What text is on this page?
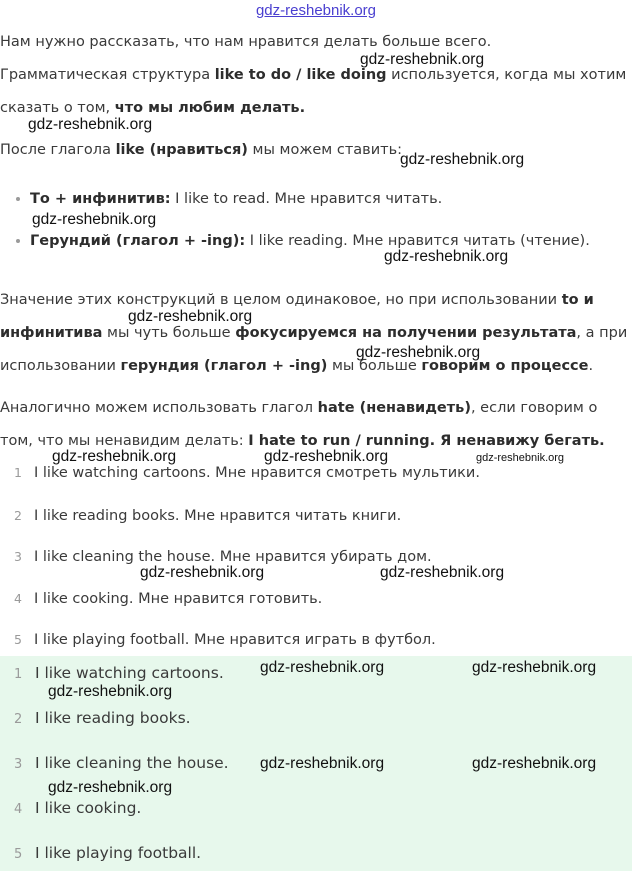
gdz-reshebnik.org

Нам нужно рассказать, что нам нравится делать больше всего.

Грамматическая структура like to do / like doing используется, когда мы хотим

сказать о том, что мы любим делать.

После глагола like (нравиться) мы можем ставить:

То + инфинитив: I like to read. Мне нравится читать.
Герундий (глагол + -ing): I like reading. Мне нравится читать (чтение).

Значение этих конструкций в целом одинаковое, но при использовании to и

инфинитива мы чуть больше фокусируемся на получении результата, а при

использовании герундия (глагол + -ing) мы больше говорим о процессе.

Аналогично можем использовать глагол hate (ненавидеть), если говорим о

том, что мы ненавидим делать: I hate to run / running. Я ненавижу бегать.

1 I like watching cartoons. Мне нравится смотреть мультики.
2 I like reading books. Мне нравится читать книги.
3 I like cleaning the house. Мне нравится убирать дом.
4 I like cooking. Мне нравится готовить.
5 I like playing football. Мне нравится играть в футбол.
1 I like watching cartoons.
2 I like reading books.
3 I like cleaning the house.
4 I like cooking.
5 I like playing football.
gdz-reshebnik.org
gdz-reshebnik.org
gdz-reshebnik.org
gdz-reshebnik.org
gdz-reshebnik.org
gdz-reshebnik.org
gdz-reshebnik.org
gdz-reshebnik.org	gdz-reshebnik.org	gdz-reshebnik.org
gdz-reshebnik.org	gdz-reshebnik.org
gdz-reshebnik.org	gdz-reshebnik.org
gdz-reshebnik.org
gdz-reshebnik.org	gdz-reshebnik.org
gdz-reshebnik.org
